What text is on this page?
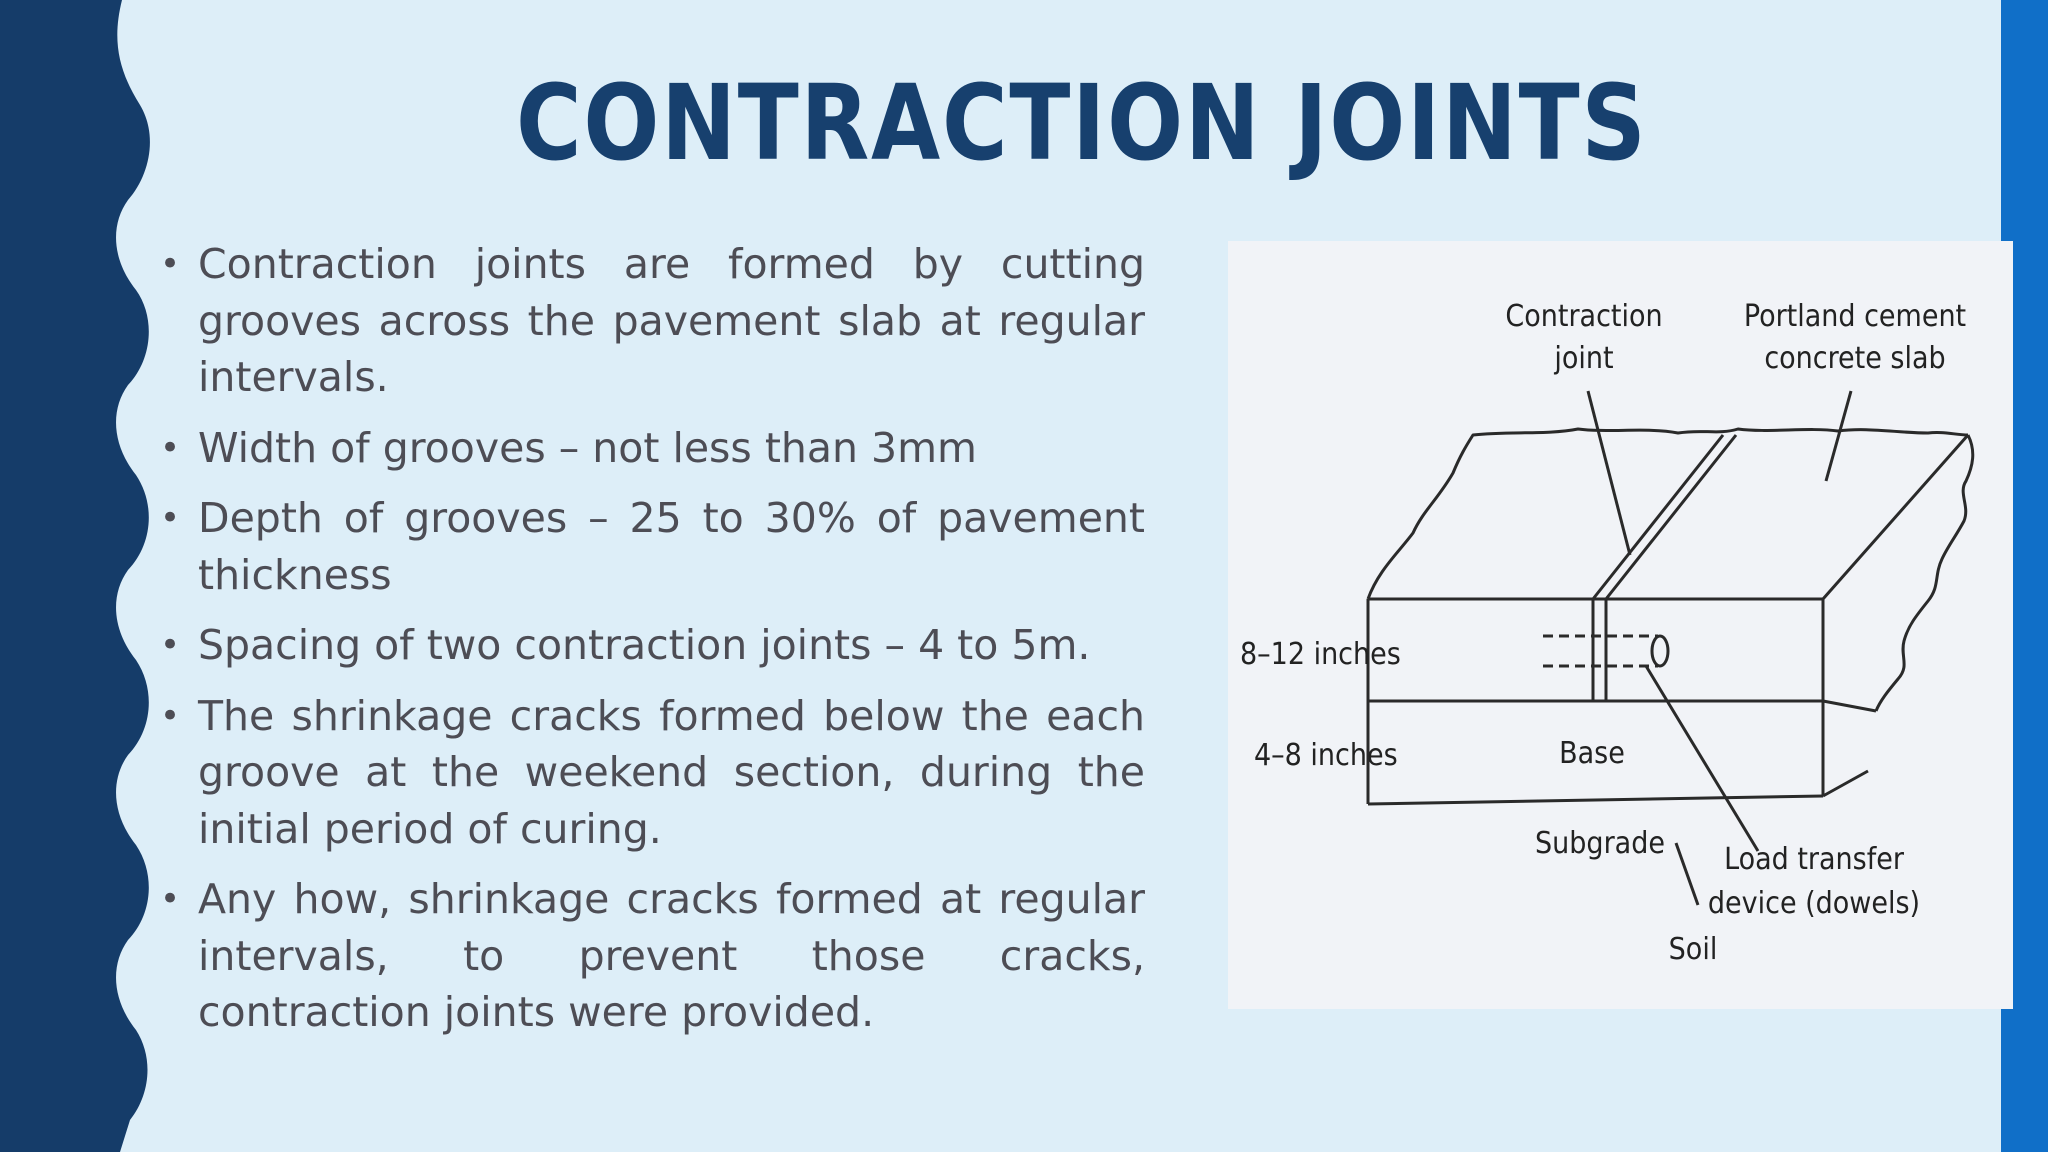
CONTRACTION JOINTS
• Contraction joints are formed by cutting grooves across the pavement slab at regular intervals.
• Width of grooves – not less than 3mm
• Depth of grooves – 25 to 30% of pavement thickness
• Spacing of two contraction joints – 4 to 5m.
• The shrinkage cracks formed below the each groove at the weekend section, during the initial period of curing.
• Any how, shrinkage cracks formed at regular intervals, to prevent those cracks, contraction joints were provided.
Contraction
joint
Portland cement
concrete slab
8–12 inches
4–8 inches	Base
Subgrade
Soil
Load transfer
device (dowels)
